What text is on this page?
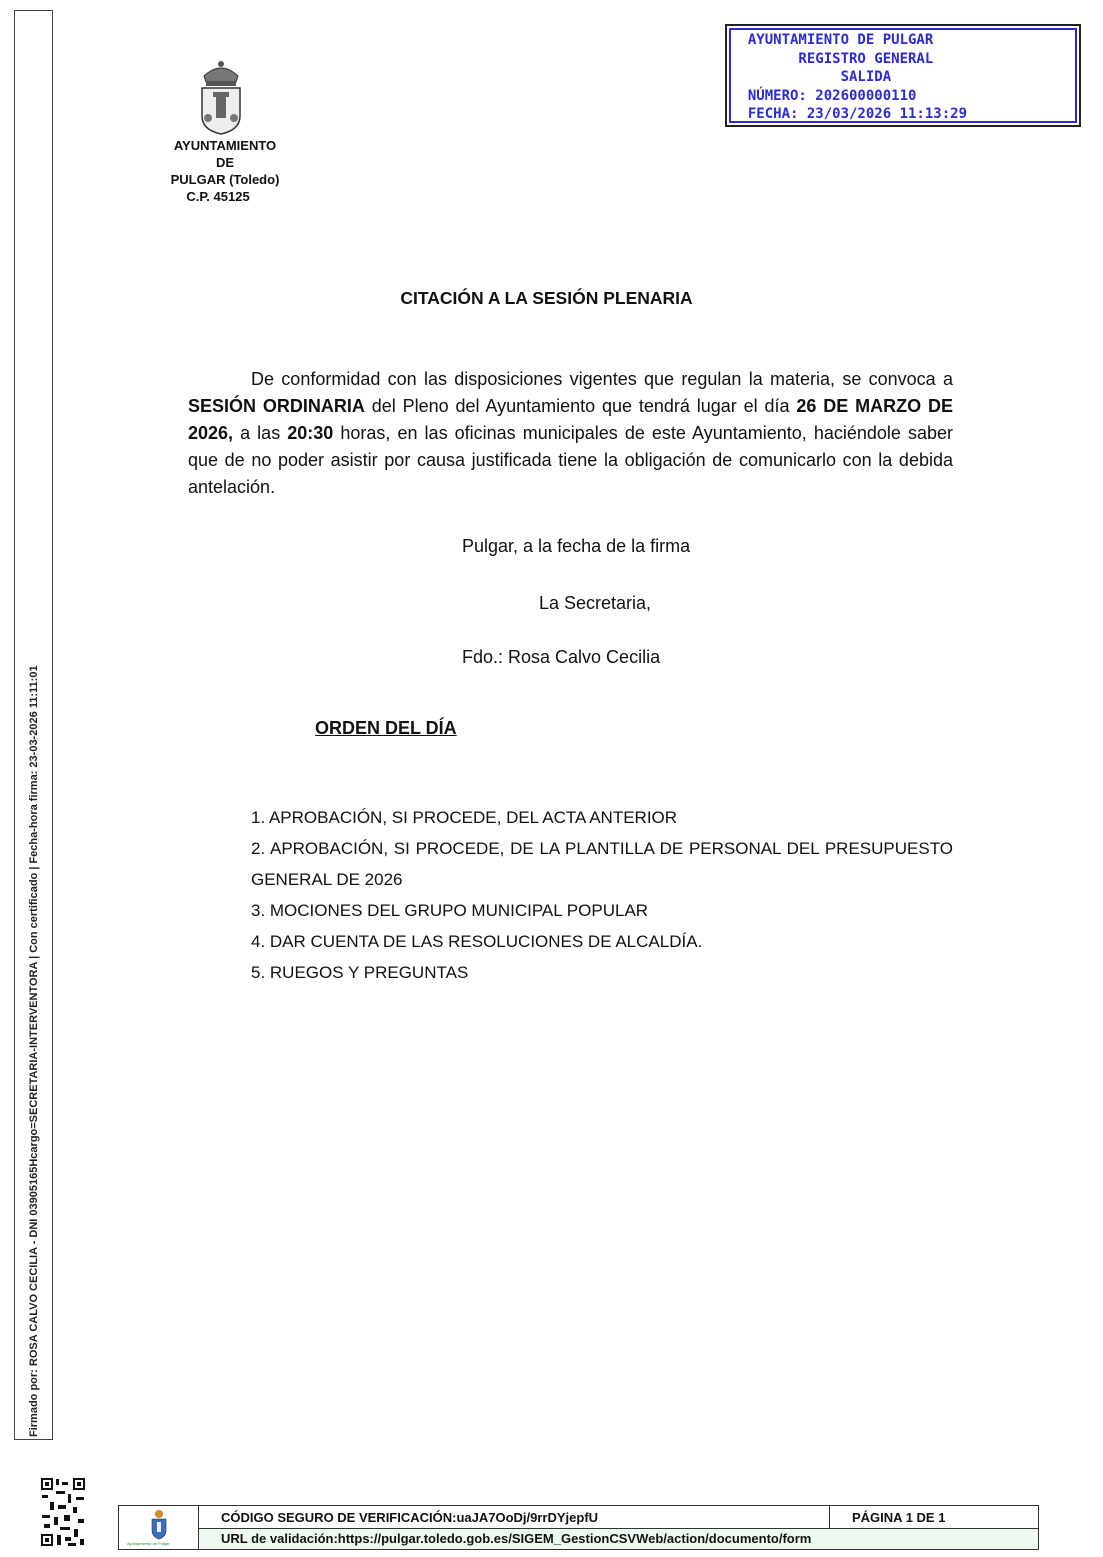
Firmado por: ROSA CALVO CECILIA - DNI 03905165Hcargo=SECRETARIA-INTERVENTORA | Con certificado | Fecha-hora firma: 23-03-2026 11:11:01
AYUNTAMIENTO DE PULGAR
REGISTRO GENERAL
SALIDA
NÚMERO: 202600000110
FECHA: 23/03/2026 11:13:29
AYUNTAMIENTO
DE
PULGAR (Toledo)
C.P. 45125
CITACIÓN A LA SESIÓN PLENARIA
De conformidad con las disposiciones vigentes que regulan la materia, se convoca a SESIÓN ORDINARIA del Pleno del Ayuntamiento que tendrá lugar el día 26 DE MARZO DE 2026, a las 20:30 horas, en las oficinas municipales de este Ayuntamiento, haciéndole saber que de no poder asistir por causa justificada tiene la obligación de comunicarlo con la debida antelación.
Pulgar, a la fecha de la firma
La Secretaria,
Fdo.: Rosa Calvo Cecilia
ORDEN DEL DÍA
1. APROBACIÓN, SI PROCEDE, DEL ACTA ANTERIOR
2. APROBACIÓN, SI PROCEDE, DE LA PLANTILLA DE PERSONAL DEL PRESUPUESTO GENERAL DE 2026
3. MOCIONES DEL GRUPO MUNICIPAL POPULAR
4. DAR CUENTA DE LAS RESOLUCIONES DE ALCALDÍA.
5. RUEGOS Y PREGUNTAS
Ayuntamiento de Pulgar
CÓDIGO SEGURO DE VERIFICACIÓN:uaJA7OoDj/9rrDYjepfU	PÁGINA 1 DE 1
URL de validación:https://pulgar.toledo.gob.es/SIGEM_GestionCSVWeb/action/documento/form
